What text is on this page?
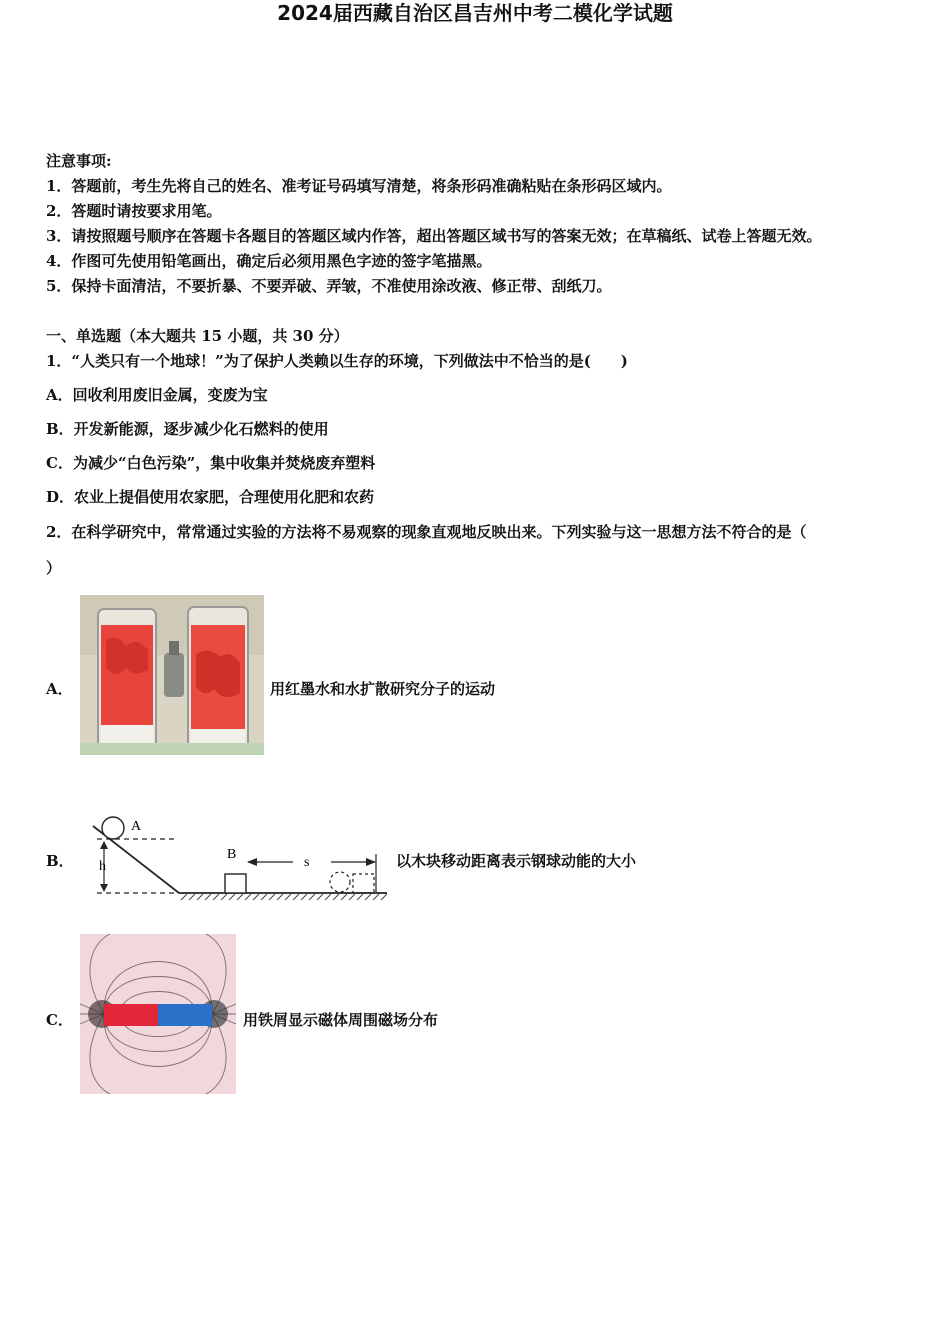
2024届西藏自治区昌吉州中考二模化学试题
注意事项:
1．答题前，考生先将自己的姓名、准考证号码填写清楚，将条形码准确粘贴在条形码区域内。
2．答题时请按要求用笔。
3．请按照题号顺序在答题卡各题目的答题区域内作答，超出答题区域书写的答案无效；在草稿纸、试卷上答题无效。
4．作图可先使用铅笔画出，确定后必须用黑色字迹的签字笔描黑。
5．保持卡面清洁，不要折暴、不要弄破、弄皱，不准使用涂改液、修正带、刮纸刀。
一、单选题（本大题共 15 小题，共 30 分）
1．“人类只有一个地球！”为了保护人类赖以生存的环境，下列做法中不恰当的是(　　)
A．回收利用废旧金属，变废为宝
B．开发新能源，逐步减少化石燃料的使用
C．为减少“白色污染”，集中收集并焚烧废弃塑料
D．农业上提倡使用农家肥，合理使用化肥和农药
2．在科学研究中，常常通过实验的方法将不易观察的现象直观地反映出来。下列实验与这一思想方法不符合的是（
）
A．	用红墨水和水扩散研究分子的运动
B．
A
h
B
s	以木块移动距离表示钢球动能的大小
C．	用铁屑显示磁体周围磁场分布
